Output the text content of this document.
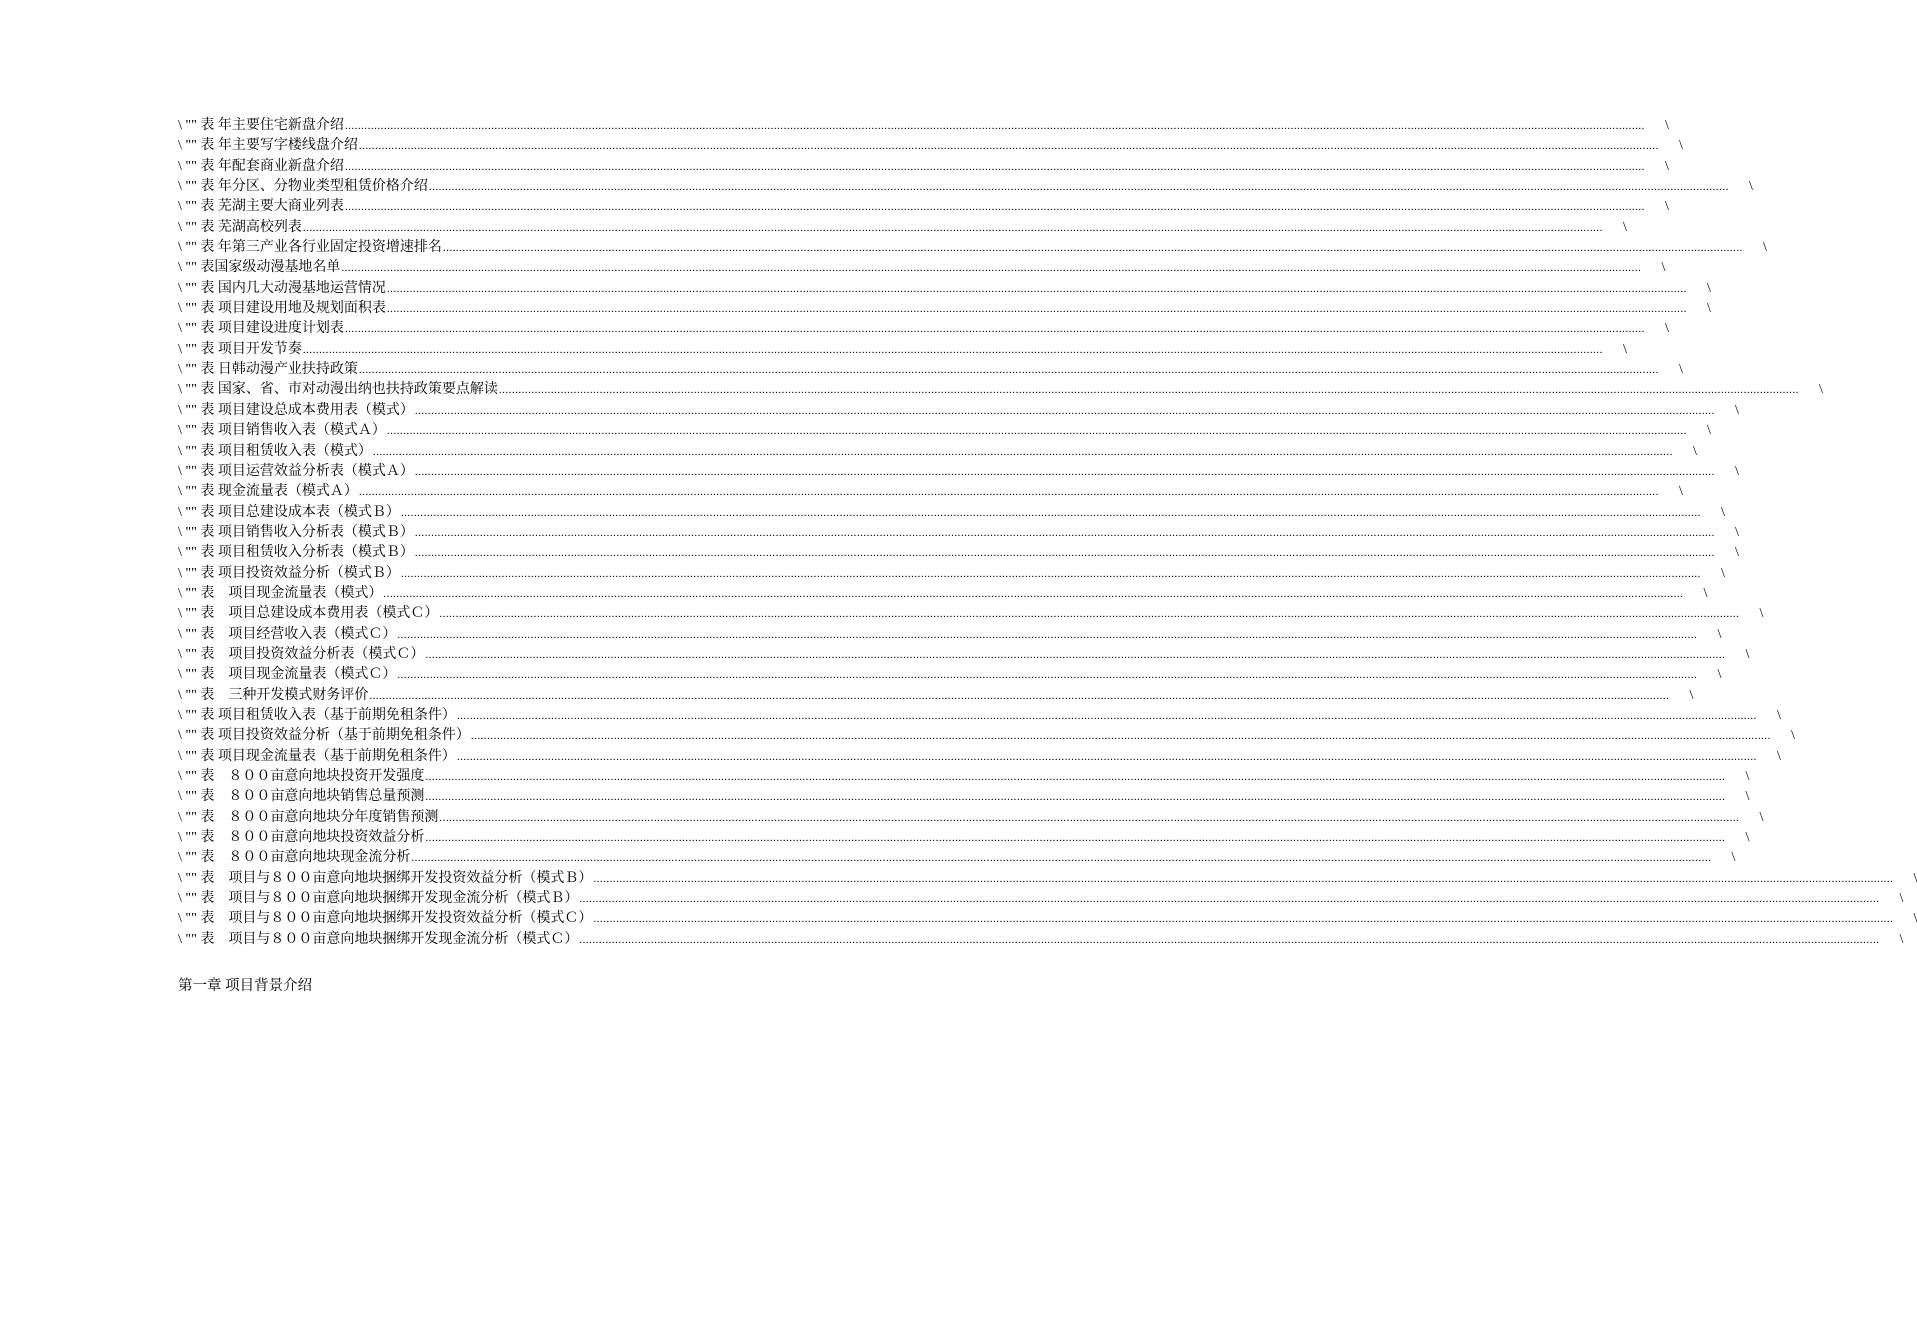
\ "" 表 年主要住宅新盘介绍 ................................................................................................................................................................................................................................................................................................................................................................................................................	\
\ "" 表 年主要写字楼线盘介绍 ................................................................................................................................................................................................................................................................................................................................................................................................................	\
\ "" 表 年配套商业新盘介绍 ................................................................................................................................................................................................................................................................................................................................................................................................................	\
\ "" 表 年分区、分物业类型租赁价格介绍 ................................................................................................................................................................................................................................................................................................................................................................................................................	\
\ "" 表 芜湖主要大商业列表 ................................................................................................................................................................................................................................................................................................................................................................................................................	\
\ "" 表 芜湖高校列表 ................................................................................................................................................................................................................................................................................................................................................................................................................	\
\ "" 表 年第三产业各行业固定投资增速排名 ................................................................................................................................................................................................................................................................................................................................................................................................................	\
\ "" 表国家级动漫基地名单 ................................................................................................................................................................................................................................................................................................................................................................................................................	\
\ "" 表 国内几大动漫基地运营情况 ................................................................................................................................................................................................................................................................................................................................................................................................................	\
\ "" 表 项目建设用地及规划面积表 ................................................................................................................................................................................................................................................................................................................................................................................................................	\
\ "" 表 项目建设进度计划表 ................................................................................................................................................................................................................................................................................................................................................................................................................	\
\ "" 表 项目开发节奏 ................................................................................................................................................................................................................................................................................................................................................................................................................	\
\ "" 表 日韩动漫产业扶持政策 ................................................................................................................................................................................................................................................................................................................................................................................................................	\
\ "" 表 国家、省、市对动漫出纳也扶持政策要点解读 ................................................................................................................................................................................................................................................................................................................................................................................................................	\
\ "" 表 项目建设总成本费用表（模式） ................................................................................................................................................................................................................................................................................................................................................................................................................	\
\ "" 表 项目销售收入表（模式Ａ） ................................................................................................................................................................................................................................................................................................................................................................................................................	\
\ "" 表 项目租赁收入表（模式） ................................................................................................................................................................................................................................................................................................................................................................................................................	\
\ "" 表 项目运营效益分析表（模式Ａ） ................................................................................................................................................................................................................................................................................................................................................................................................................	\
\ "" 表 现金流量表（模式Ａ） ................................................................................................................................................................................................................................................................................................................................................................................................................	\
\ "" 表 项目总建设成本表（模式Ｂ） ................................................................................................................................................................................................................................................................................................................................................................................................................	\
\ "" 表 项目销售收入分析表（模式Ｂ） ................................................................................................................................................................................................................................................................................................................................................................................................................	\
\ "" 表 项目租赁收入分析表（模式Ｂ） ................................................................................................................................................................................................................................................................................................................................................................................................................	\
\ "" 表 项目投资效益分析（模式Ｂ） ................................................................................................................................................................................................................................................................................................................................................................................................................	\
\ "" 表　项目现金流量表（模式） ................................................................................................................................................................................................................................................................................................................................................................................................................	\
\ "" 表　项目总建设成本费用表（模式Ｃ） ................................................................................................................................................................................................................................................................................................................................................................................................................	\
\ "" 表　项目经营收入表（模式Ｃ） ................................................................................................................................................................................................................................................................................................................................................................................................................	\
\ "" 表　项目投资效益分析表（模式Ｃ） ................................................................................................................................................................................................................................................................................................................................................................................................................	\
\ "" 表　项目现金流量表（模式Ｃ） ................................................................................................................................................................................................................................................................................................................................................................................................................	\
\ "" 表　三种开发模式财务评价 ................................................................................................................................................................................................................................................................................................................................................................................................................	\
\ "" 表 项目租赁收入表（基于前期免租条件） ................................................................................................................................................................................................................................................................................................................................................................................................................	\
\ "" 表 项目投资效益分析（基于前期免租条件） ................................................................................................................................................................................................................................................................................................................................................................................................................	\
\ "" 表 项目现金流量表（基于前期免租条件） ................................................................................................................................................................................................................................................................................................................................................................................................................	\
\ "" 表　８００亩意向地块投资开发强度 ................................................................................................................................................................................................................................................................................................................................................................................................................	\
\ "" 表　８００亩意向地块销售总量预测 ................................................................................................................................................................................................................................................................................................................................................................................................................	\
\ "" 表　８００亩意向地块分年度销售预测 ................................................................................................................................................................................................................................................................................................................................................................................................................	\
\ "" 表　８００亩意向地块投资效益分析 ................................................................................................................................................................................................................................................................................................................................................................................................................	\
\ "" 表　８００亩意向地块现金流分析 ................................................................................................................................................................................................................................................................................................................................................................................................................	\
\ "" 表　项目与８００亩意向地块捆绑开发投资效益分析（模式Ｂ） ................................................................................................................................................................................................................................................................................................................................................................................................................	\
\ "" 表　项目与８００亩意向地块捆绑开发现金流分析（模式Ｂ） ................................................................................................................................................................................................................................................................................................................................................................................................................	\
\ "" 表　项目与８００亩意向地块捆绑开发投资效益分析（模式Ｃ） ................................................................................................................................................................................................................................................................................................................................................................................................................	\
\ "" 表　项目与８００亩意向地块捆绑开发现金流分析（模式Ｃ） ................................................................................................................................................................................................................................................................................................................................................................................................................	\
第一章 项目背景介绍
